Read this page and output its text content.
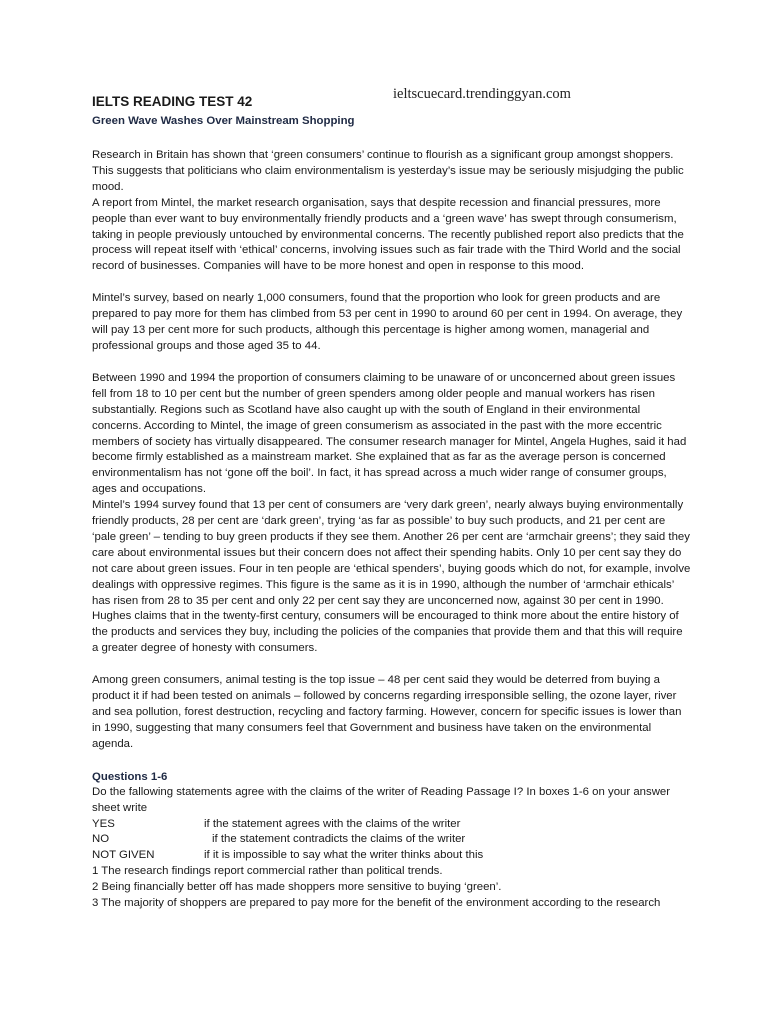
ieltscuecard.trendinggyan.com
IELTS READING TEST 42
Green Wave Washes Over Mainstream Shopping

Research in Britain has shown that ‘green consumers’ continue to flourish as a significant group amongst shoppers. This suggests that politicians who claim environmentalism is yesterday’s issue may be seriously misjudging the public mood.

A report from Mintel, the market research organisation, says that despite recession and financial pressures, more people than ever want to buy environmentally friendly products and a ‘green wave’ has swept through consumerism, taking in people previously untouched by environmental concerns. The recently published report also predicts that the process will repeat itself with ‘ethical’ concerns, involving issues such as fair trade with the Third World and the social record of businesses. Companies will have to be more honest and open in response to this mood.

Mintel’s survey, based on nearly 1,000 consumers, found that the proportion who look for green products and are prepared to pay more for them has climbed from 53 per cent in 1990 to around 60 per cent in 1994. On average, they will pay 13 per cent more for such products, although this percentage is higher among women, managerial and professional groups and those aged 35 to 44.

Between 1990 and 1994 the proportion of consumers claiming to be unaware of or unconcerned about green issues fell from 18 to 10 per cent but the number of green spenders among older people and manual workers has risen substantially. Regions such as Scotland have also caught up with the south of England in their environmental concerns. According to Mintel, the image of green consumerism as associated in the past with the more eccentric members of society has virtually disappeared. The consumer research manager for Mintel, Angela Hughes, said it had become firmly established as a mainstream market. She explained that as far as the average person is concerned environmentalism has not ‘gone off the boil’. In fact, it has spread across a much wider range of consumer groups, ages and occupations.

Mintel’s 1994 survey found that 13 per cent of consumers are ‘very dark green’, nearly always buying environmentally friendly products, 28 per cent are ‘dark green’, trying ‘as far as possible’ to buy such products, and 21 per cent are ‘pale green’ – tending to buy green products if they see them. Another 26 per cent are ‘armchair greens’; they said they care about environmental issues but their concern does not affect their spending habits. Only 10 per cent say they do not care about green issues. Four in ten people are ‘ethical spenders’, buying goods which do not, for example, involve dealings with oppressive regimes. This figure is the same as it is in 1990, although the number of ‘armchair ethicals’ has risen from 28 to 35 per cent and only 22 per cent say they are unconcerned now, against 30 per cent in 1990. Hughes claims that in the twenty-first century, consumers will be encouraged to think more about the entire history of the products and services they buy, including the policies of the companies that provide them and that this will require a greater degree of honesty with consumers.

Among green consumers, animal testing is the top issue – 48 per cent said they would be deterred from buying a product it if had been tested on animals – followed by concerns regarding irresponsible selling, the ozone layer, river and sea pollution, forest destruction, recycling and factory farming. However, concern for specific issues is lower than in 1990, suggesting that many consumers feel that Government and business have taken on the environmental agenda.

Questions 1-6

Do the fallowing statements agree with the claims of the writer of Reading Passage I? In boxes 1-6 on your answer sheet write

YES	if the statement agrees with the claims of the writer
NO	if the statement contradicts the claims of the writer
NOT GIVEN	if it is impossible to say what the writer thinks about this

1 The research findings report commercial rather than political trends.

2 Being financially better off has made shoppers more sensitive to buying ‘green’.

3 The majority of shoppers are prepared to pay more for the benefit of the environment according to the research
